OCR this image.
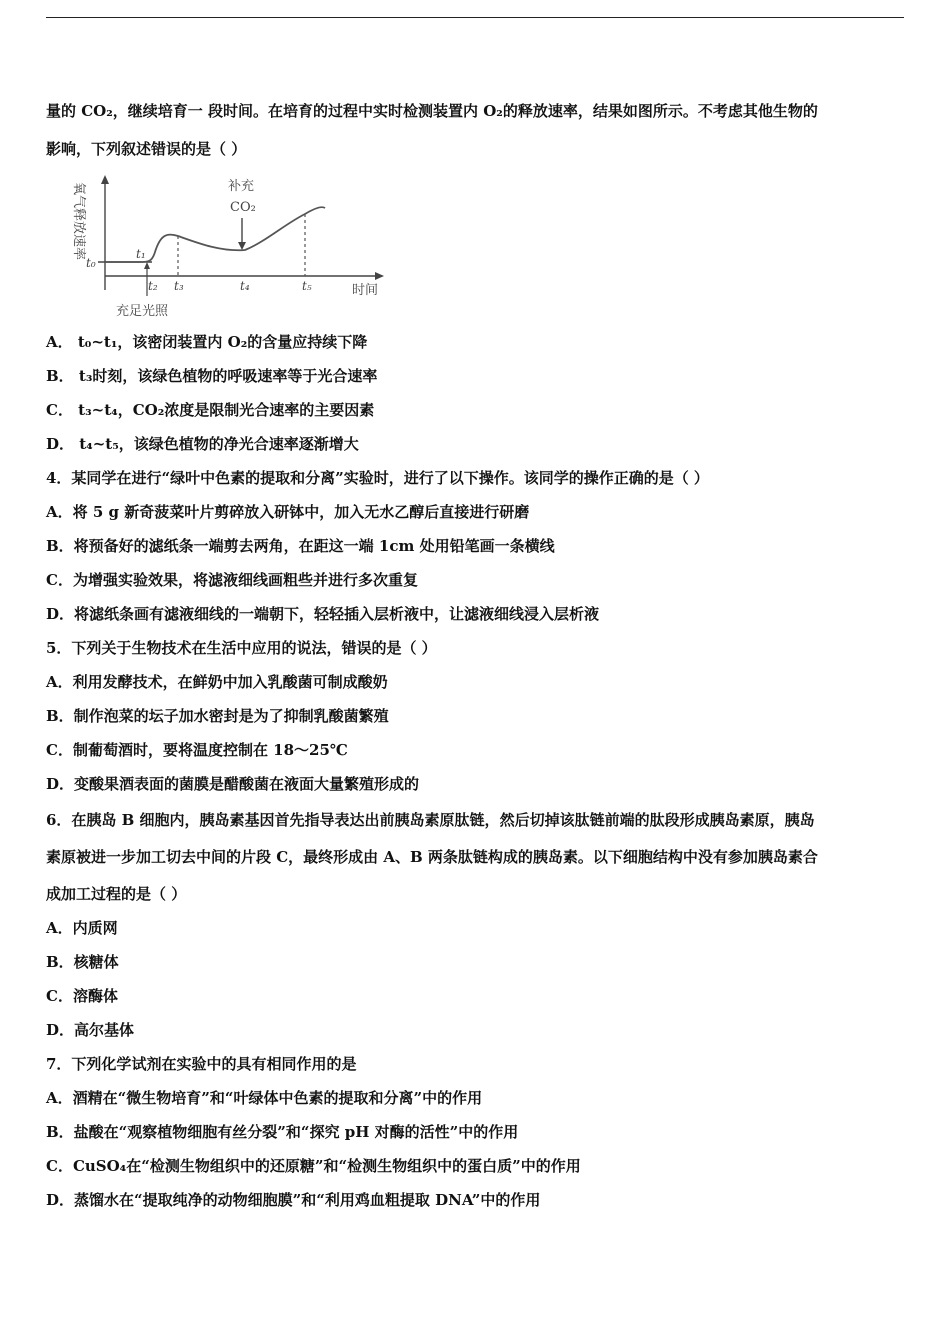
量的 CO₂，继续培育一 段时间。在培育的过程中实时检测装置内 O₂的释放速率，结果如图所示。不考虑其他生物的
影响，下列叙述错误的是（ ）
氧气释放速率
时间
t₀
t₁
t₂ t₃	t₄	t₅
补充
CO₂
充足光照
A． t₀~t₁，该密闭装置内 O₂的含量应持续下降
B． t₃时刻，该绿色植物的呼吸速率等于光合速率
C． t₃~t₄，CO₂浓度是限制光合速率的主要因素
D． t₄~t₅，该绿色植物的净光合速率逐渐增大
4．某同学在进行“绿叶中色素的提取和分离”实验时，进行了以下操作。该同学的操作正确的是（ ）
A．将 5 g 新奇菠菜叶片剪碎放入研钵中，加入无水乙醇后直接进行研磨
B．将预备好的滤纸条一端剪去两角，在距这一端 1cm 处用铅笔画一条横线
C．为增强实验效果，将滤液细线画粗些并进行多次重复
D．将滤纸条画有滤液细线的一端朝下，轻轻插入层析液中，让滤液细线浸入层析液
5．下列关于生物技术在生活中应用的说法，错误的是（ ）
A．利用发酵技术，在鲜奶中加入乳酸菌可制成酸奶
B．制作泡菜的坛子加水密封是为了抑制乳酸菌繁殖
C．制葡萄酒时，要将温度控制在 18～25℃
D．变酸果酒表面的菌膜是醋酸菌在液面大量繁殖形成的
6．在胰岛 B 细胞内，胰岛素基因首先指导表达出前胰岛素原肽链，然后切掉该肽链前端的肽段形成胰岛素原，胰岛
素原被进一步加工切去中间的片段 C，最终形成由 A、B 两条肽链构成的胰岛素。以下细胞结构中没有参加胰岛素合
成加工过程的是（ ）
A．内质网
B．核糖体
C．溶酶体
D．高尔基体
7．下列化学试剂在实验中的具有相同作用的是
A．酒精在“微生物培育”和“叶绿体中色素的提取和分离”中的作用
B．盐酸在“观察植物细胞有丝分裂”和“探究 pH 对酶的活性”中的作用
C．CuSO₄在“检测生物组织中的还原糖”和“检测生物组织中的蛋白质”中的作用
D．蒸馏水在“提取纯净的动物细胞膜”和“利用鸡血粗提取 DNA”中的作用
